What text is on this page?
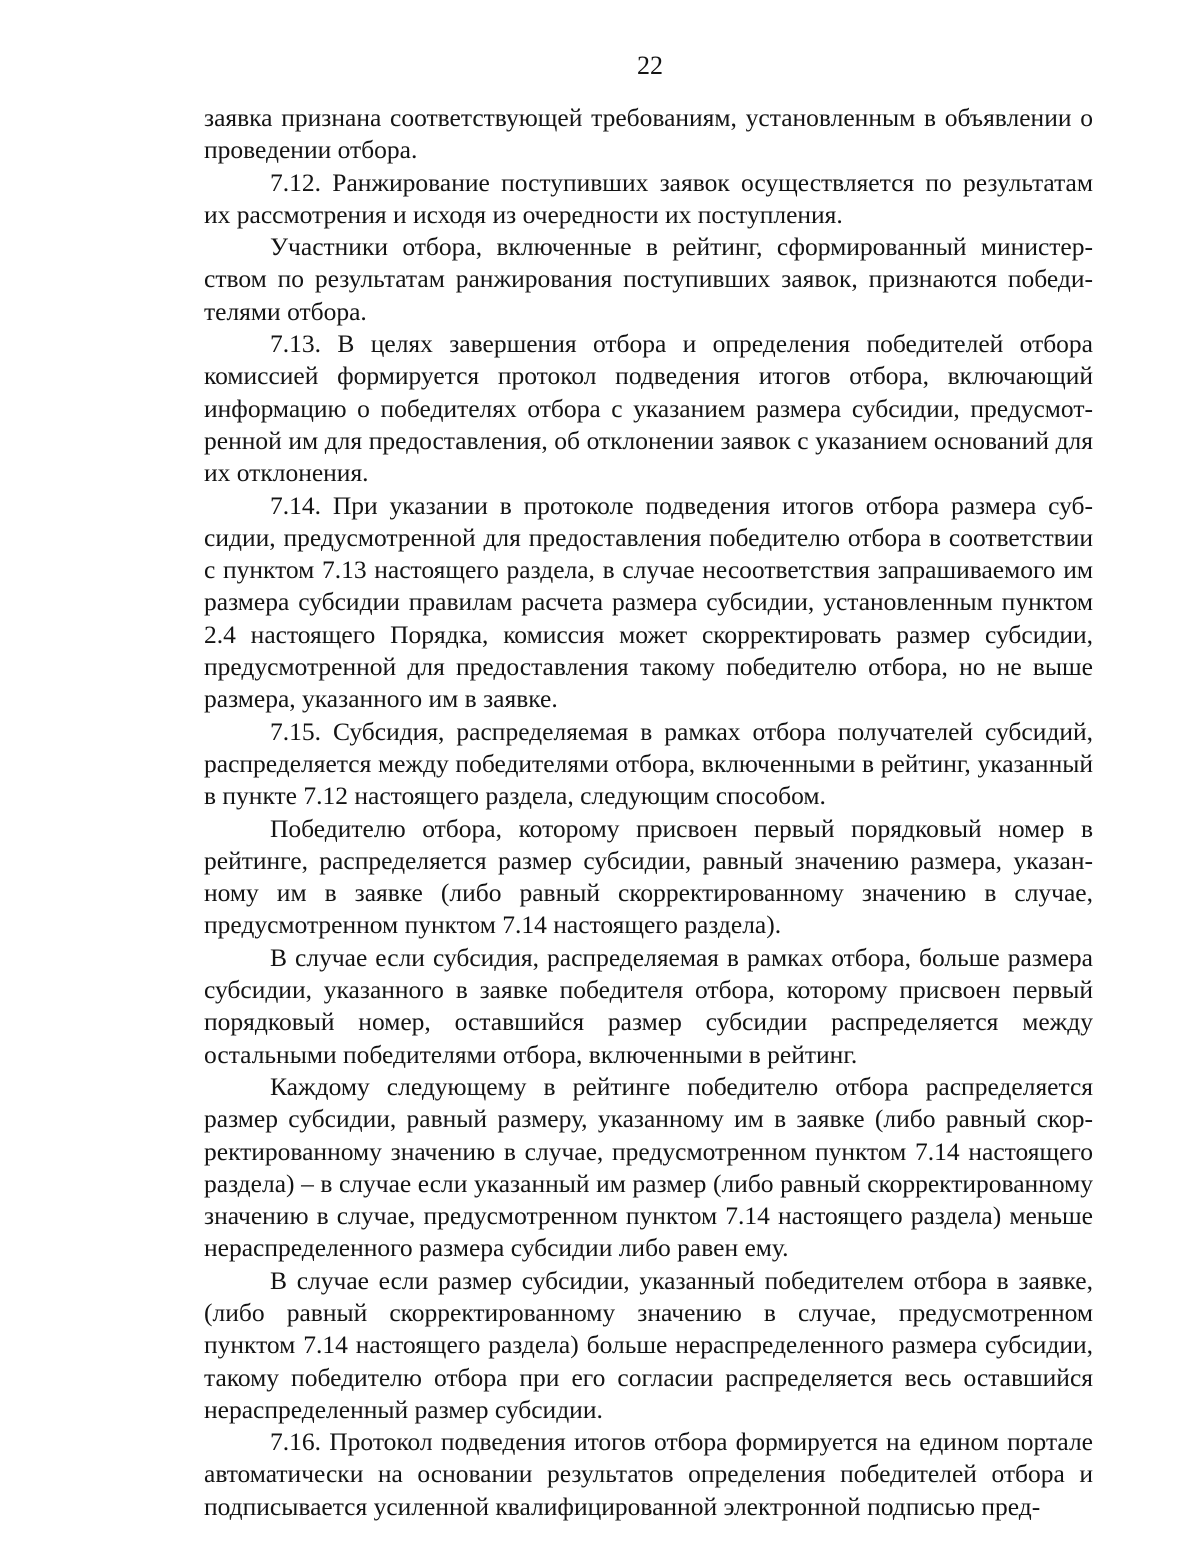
22

заявка признана соответствующей требованиям, установленным в объявлении о проведении отбора.

7.12. Ранжирование поступивших заявок осуществляется по результатам их рассмотрения и исходя из очередности их поступления.

Участники отбора, включенные в рейтинг, сформированный министерством по результатам ранжирования поступивших заявок, признаются победителями отбора.

7.13. В целях завершения отбора и определения победителей отбора комиссией формируется протокол подведения итогов отбора, включающий информацию о победителях отбора с указанием размера субсидии, предусмотренной им для предоставления, об отклонении заявок с указанием оснований для их отклонения.

7.14. При указании в протоколе подведения итогов отбора размера субсидии, предусмотренной для предоставления победителю отбора в соответствии с пунктом 7.13 настоящего раздела, в случае несоответствия запрашиваемого им размера субсидии правилам расчета размера субсидии, установленным пунктом 2.4 настоящего Порядка, комиссия может скорректировать размер субсидии, предусмотренной для предоставления такому победителю отбора, но не выше размера, указанного им в заявке.

7.15. Субсидия, распределяемая в рамках отбора получателей субсидий, распределяется между победителями отбора, включенными в рейтинг, указанный в пункте 7.12 настоящего раздела, следующим способом.

Победителю отбора, которому присвоен первый порядковый номер в рейтинге, распределяется размер субсидии, равный значению размера, указанному им в заявке (либо равный скорректированному значению в случае, предусмотренном пунктом 7.14 настоящего раздела).

В случае если субсидия, распределяемая в рамках отбора, больше размера субсидии, указанного в заявке победителя отбора, которому присвоен первый порядковый номер, оставшийся размер субсидии распределяется между остальными победителями отбора, включенными в рейтинг.

Каждому следующему в рейтинге победителю отбора распределяется размер субсидии, равный размеру, указанному им в заявке (либо равный скорректированному значению в случае, предусмотренном пунктом 7.14 настоящего раздела) – в случае если указанный им размер (либо равный скорректированному значению в случае, предусмотренном пунктом 7.14 настоящего раздела) меньше нераспределенного размера субсидии либо равен ему.

В случае если размер субсидии, указанный победителем отбора в заявке, (либо равный скорректированному значению в случае, предусмотренном пунктом 7.14 настоящего раздела) больше нераспределенного размера субсидии, такому победителю отбора при его согласии распределяется весь оставшийся нераспределенный размер субсидии.

7.16. Протокол подведения итогов отбора формируется на едином портале автоматически на основании результатов определения победителей отбора и подписывается усиленной квалифицированной электронной подписью пред-
